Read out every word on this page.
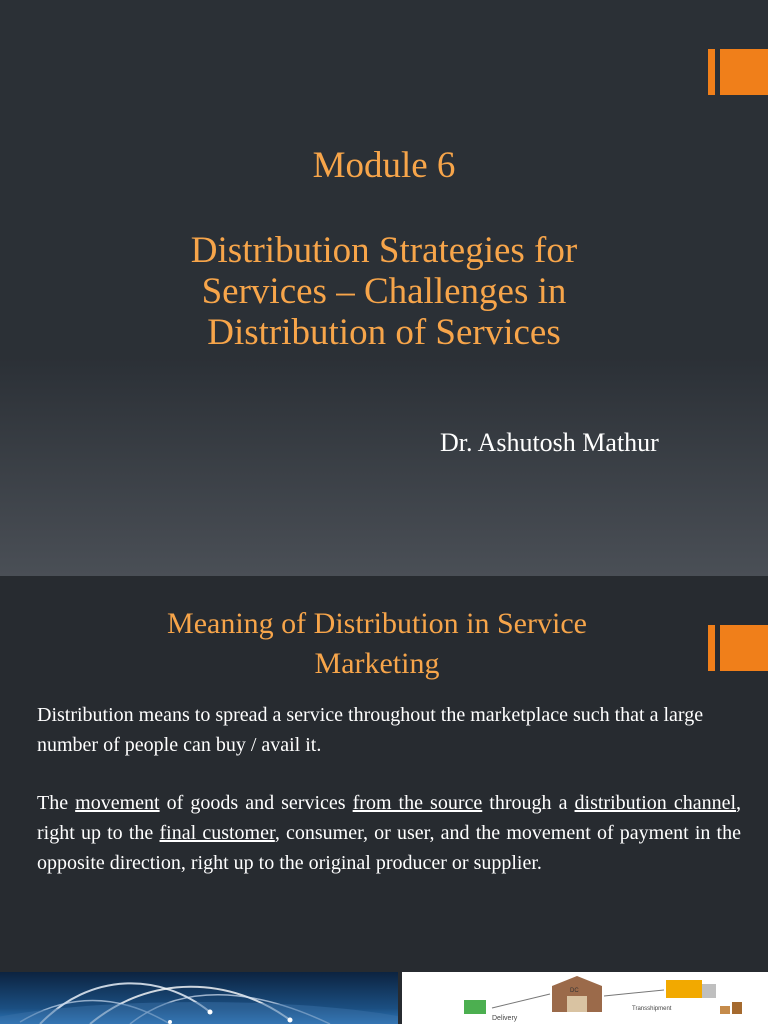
Module 6
Distribution Strategies for
Services – Challenges in
Distribution of Services
Dr. Ashutosh Mathur
Meaning of Distribution in Service
Marketing
Distribution means to spread a service throughout the marketplace such that a large number of people can buy / avail it.
The movement of goods and services from the source through a distribution channel, right up to the final customer, consumer, or user, and the movement of payment in the opposite direction, right up to the original producer or supplier.
Delivery
DC
Transshipment
